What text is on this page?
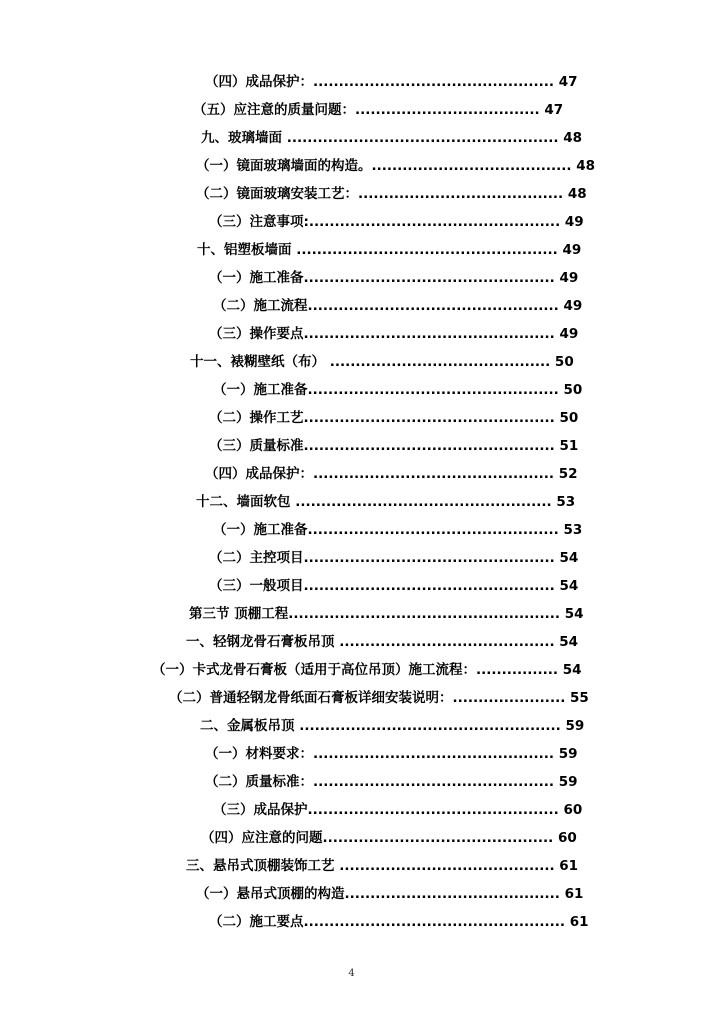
（四）成品保护：............................................... 47
（五）应注意的质量问题：.................................... 47
九、玻璃墙面 ..................................................... 48
（一）镜面玻璃墙面的构造。....................................... 48
（二）镜面玻璃安装工艺：........................................ 48
（三）注意事项:................................................. 49
十、铝塑板墙面 ................................................... 49
（一）施工准备................................................. 49
（二）施工流程................................................. 49
（三）操作要点................................................. 49
十一、裱糊壁纸（布） ........................................... 50
（一）施工准备................................................. 50
（二）操作工艺................................................. 50
（三）质量标准................................................. 51
（四）成品保护：............................................... 52
十二、墙面软包 .................................................. 53
（一）施工准备................................................. 53
（二）主控项目................................................. 54
（三）一般项目................................................. 54
第三节 顶棚工程..................................................... 54
一、轻钢龙骨石膏板吊顶 .......................................... 54
（一）卡式龙骨石膏板（适用于高位吊顶）施工流程：................ 54
（二）普通轻钢龙骨纸面石膏板详细安装说明：...................... 55
二、金属板吊顶 ................................................... 59
（一）材料要求：............................................... 59
（二）质量标准：............................................... 59
（三）成品保护................................................. 60
（四）应注意的问题............................................. 60
三、悬吊式顶棚装饰工艺 .......................................... 61
（一）悬吊式顶棚的构造.......................................... 61
（二）施工要点................................................... 61
4
